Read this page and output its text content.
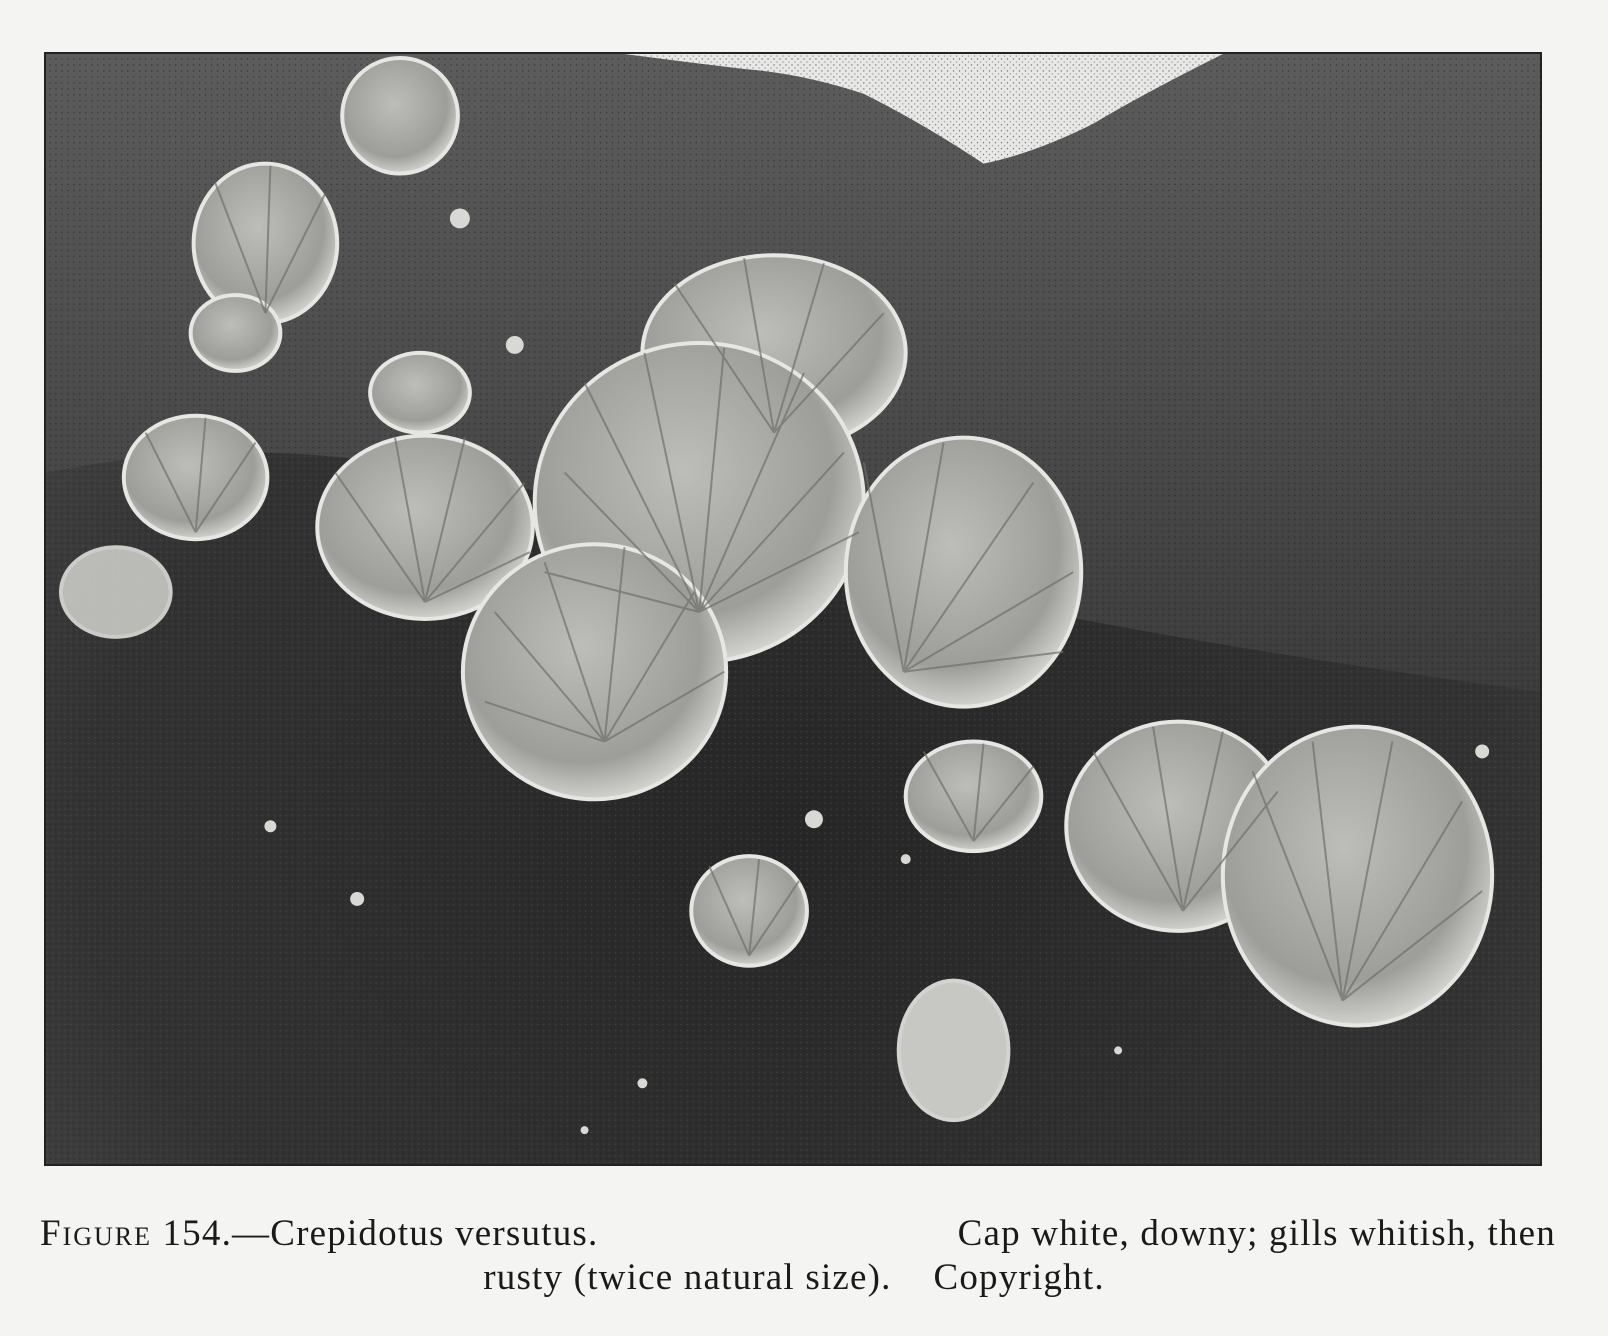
Figure 154.—Crepidotus versutus.	Cap white, downy; gills whitish, then
rusty (twice natural size). Copyright.
